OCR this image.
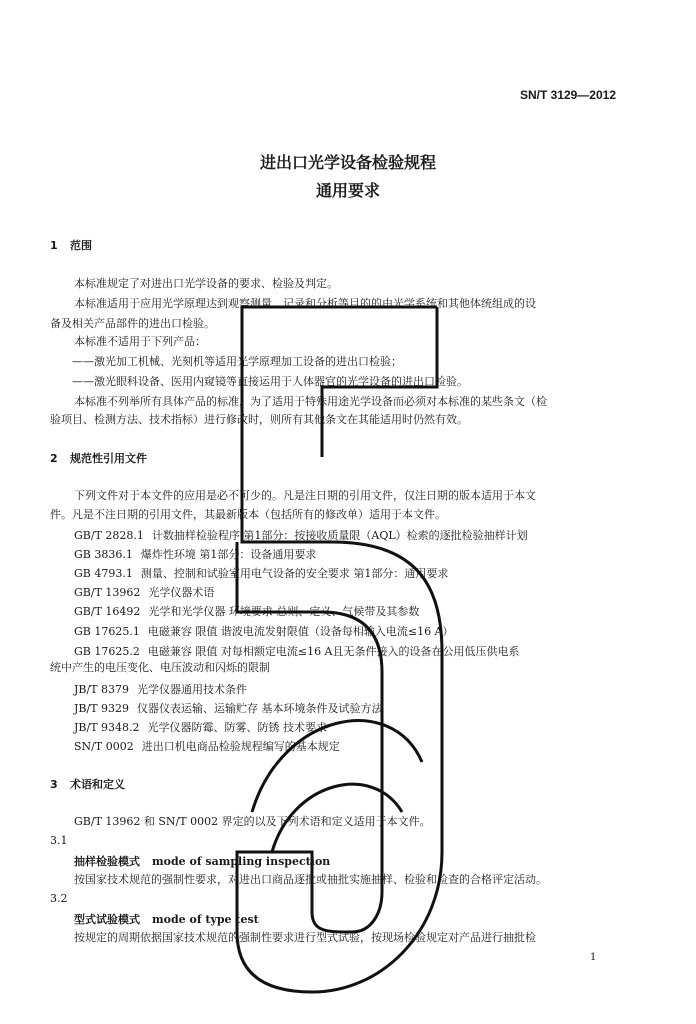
SN/T 3129—2012
进出口光学设备检验规程
通用要求
1 范围
本标准规定了对进出口光学设备的要求、检验及判定。
本标准适用于应用光学原理达到观察测量、记录和分析等目的的由光学系统和其他体统组成的设
备及相关产品部件的进出口检验。
本标准不适用于下列产品：
——激光加工机械、光刻机等适用光学原理加工设备的进出口检验；
——激光眼科设备、医用内窥镜等直接运用于人体器官的光学设备的进出口检验。
本标准不列举所有具体产品的标准，为了适用于特殊用途光学设备而必须对本标准的某些条文（检
验项目、检测方法、技术指标）进行修改时，则所有其他条文在其能适用时仍然有效。
2 规范性引用文件
下列文件对于本文件的应用是必不可少的。凡是注日期的引用文件，仅注日期的版本适用于本文
件。凡是不注日期的引用文件，其最新版本（包括所有的修改单）适用于本文件。
GB/T 2828.1 计数抽样检验程序 第1部分：按接收质量限（AQL）检索的逐批检验抽样计划
GB 3836.1 爆炸性环境 第1部分：设备通用要求
GB 4793.1 测量、控制和试验室用电气设备的安全要求 第1部分：通用要求
GB/T 13962 光学仪器术语
GB/T 16492 光学和光学仪器 环境要求 总则、定义、气候带及其参数
GB 17625.1 电磁兼容 限值 谐波电流发射限值（设备每相输入电流≤16 A）
GB 17625.2 电磁兼容 限值 对每相额定电流≤16 A且无条件接入的设备在公用低压供电系
统中产生的电压变化、电压波动和闪烁的限制
JB/T 8379 光学仪器通用技术条件
JB/T 9329 仪器仪表运输、运输贮存 基本环境条件及试验方法
JB/T 9348.2 光学仪器防霉、防雾、防锈 技术要求
SN/T 0002 进出口机电商品检验规程编写的基本规定
3 术语和定义
GB/T 13962 和 SN/T 0002 界定的以及下列术语和定义适用于本文件。
3.1
抽样检验模式 mode of sampling inspection
按国家技术规范的强制性要求，对进出口商品逐批或抽批实施抽样、检验和检查的合格评定活动。
3.2
型式试验模式 mode of type test
按规定的周期依据国家技术规范的强制性要求进行型式试验，按现场检验规定对产品进行抽批检
1
